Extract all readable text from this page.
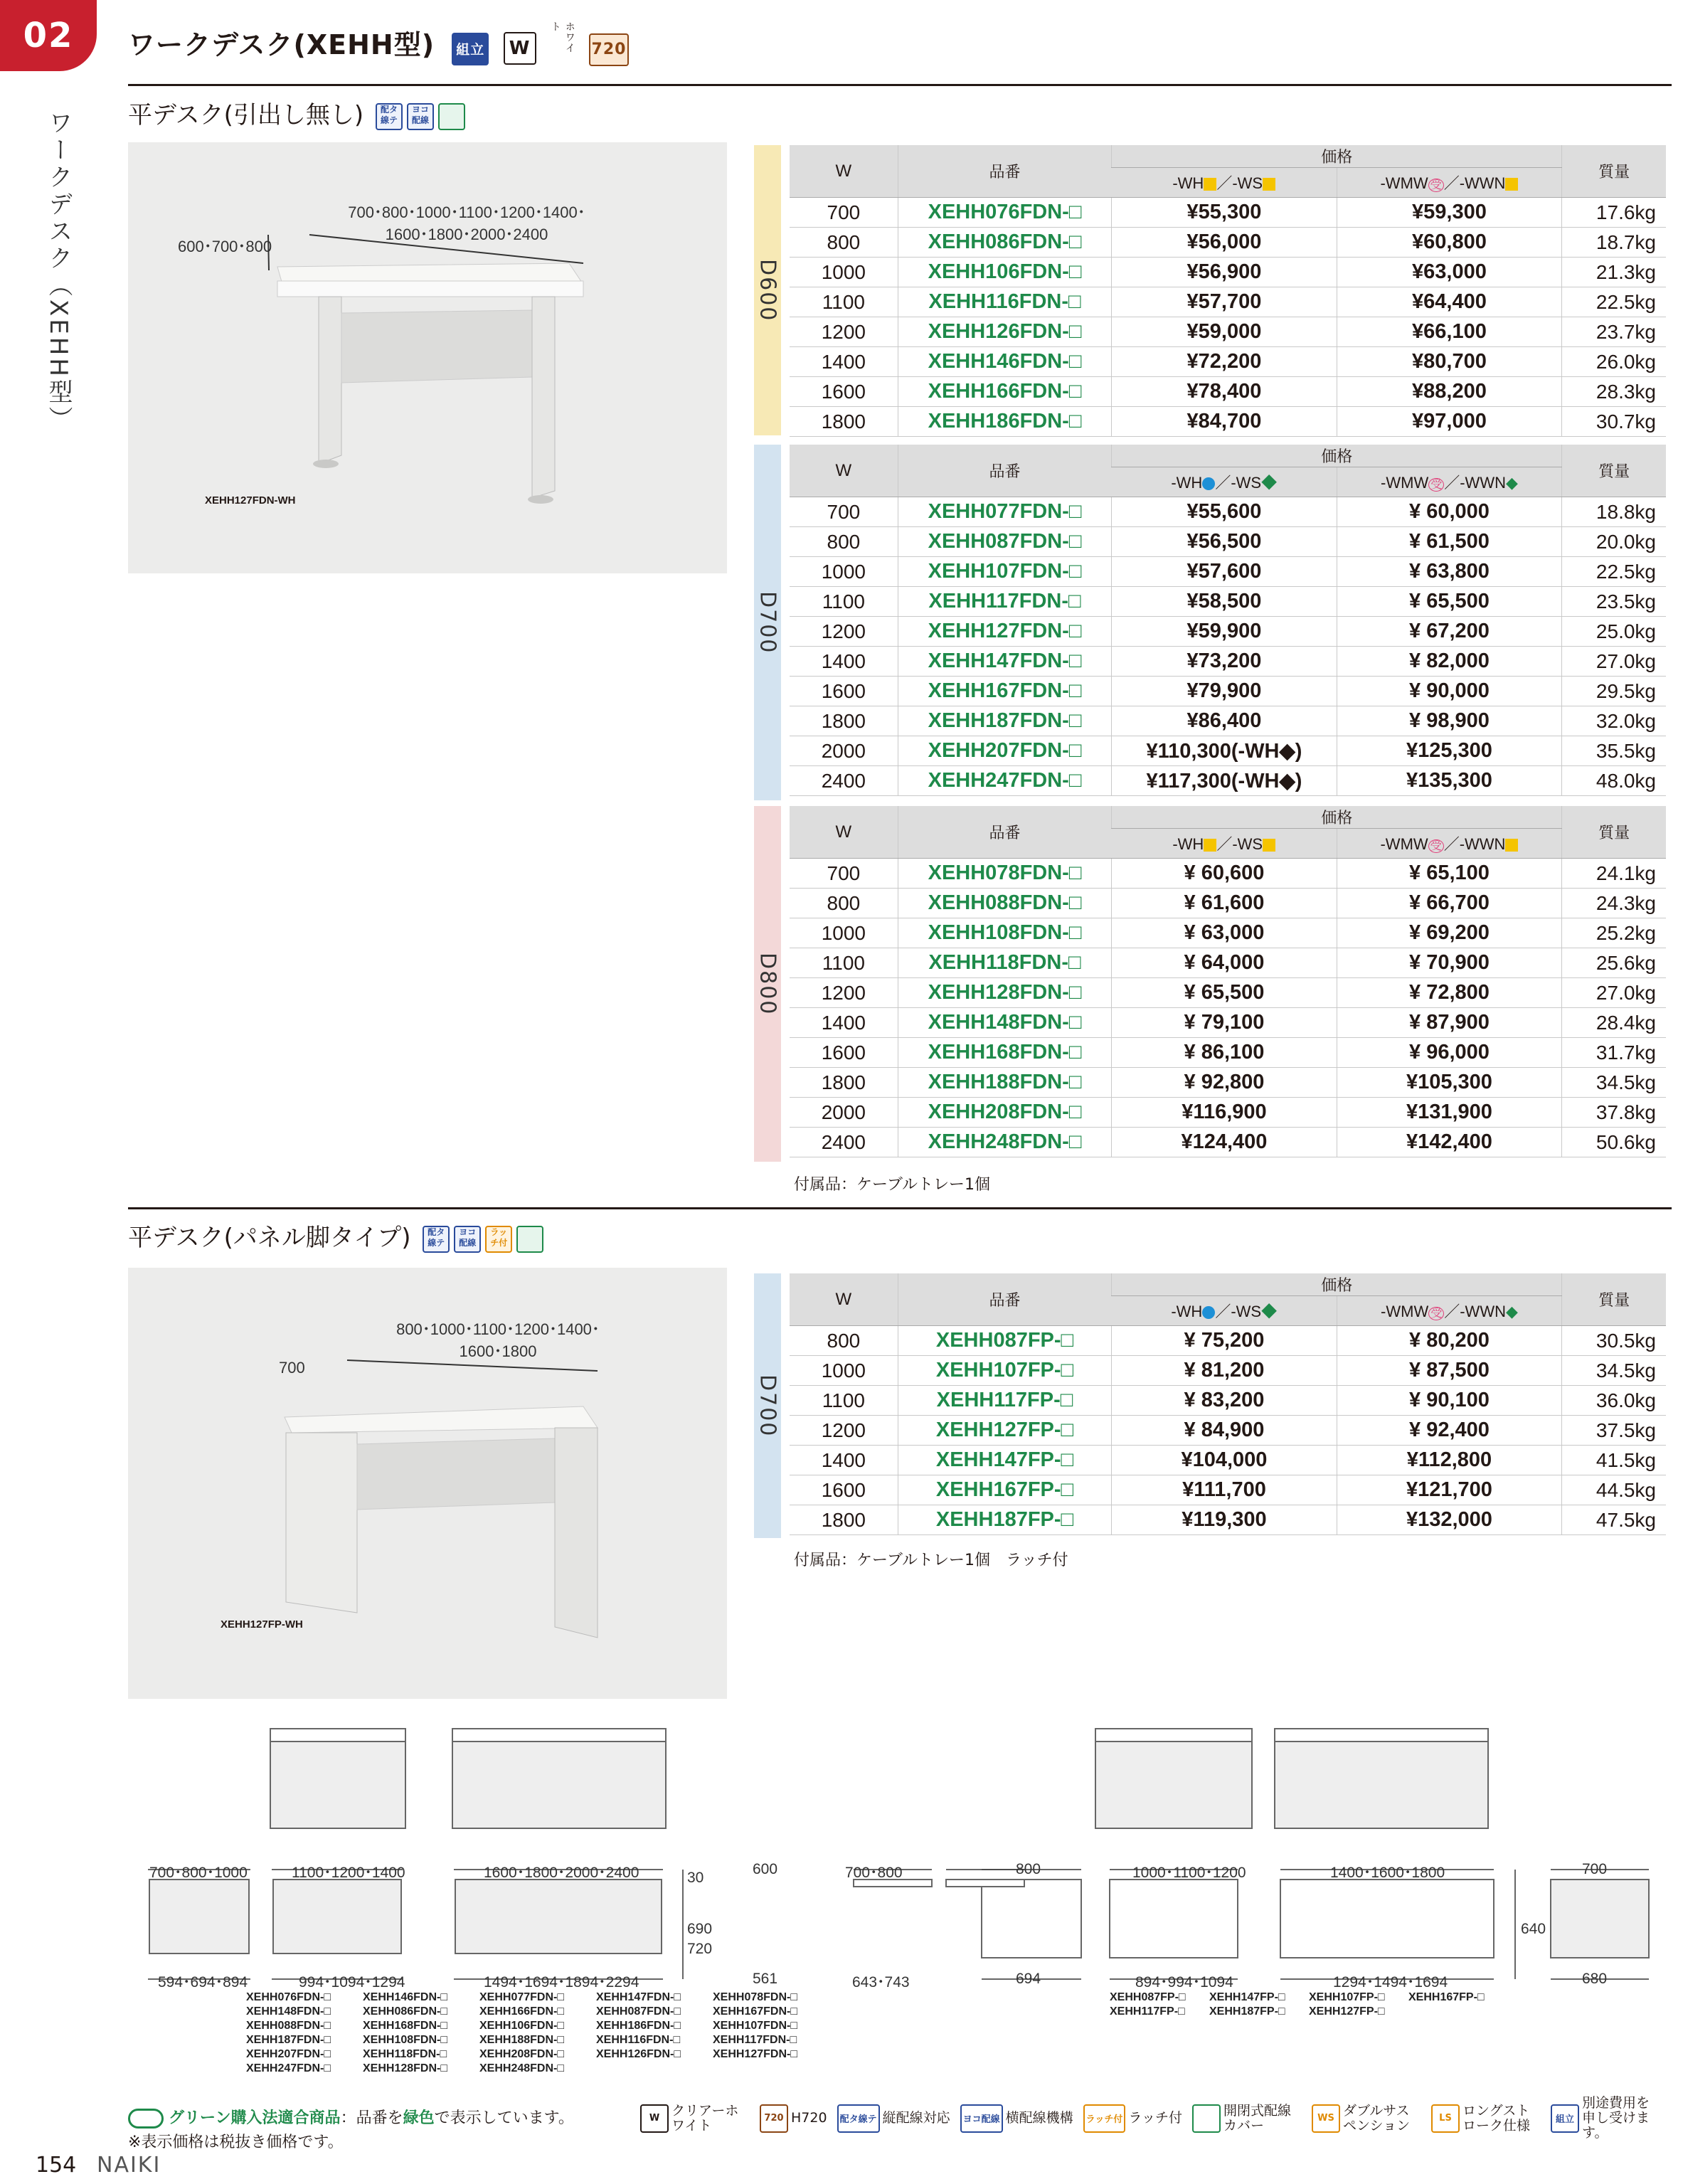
02
ワークデスク（XEHH型）
ワークデスク(XEHH型) 組立 W	ホワイト 720
平デスク(引出し無し) 配タ線テヨコ配線
700･800･1000･1100･1200･1400･1600･1800･2000･2400
600･700･800
XEHH127FDN-WH
D600
W	品番	価格		質量
		-WH ／-WS	-WMW 受 ／-WWN	
700	XEHH076FDN-□	¥55,300	¥59,300	17.6kg
800	XEHH086FDN-□	¥56,000	¥60,800	18.7kg
1000	XEHH106FDN-□	¥56,900	¥63,000	21.3kg
1100	XEHH116FDN-□	¥57,700	¥64,400	22.5kg
1200	XEHH126FDN-□	¥59,000	¥66,100	23.7kg
1400	XEHH146FDN-□	¥72,200	¥80,700	26.0kg
1600	XEHH166FDN-□	¥78,400	¥88,200	28.3kg
1800	XEHH186FDN-□	¥84,700	¥97,000	30.7kg
D700
W	品番	価格		質量
		-WH ／-WS◆	-WMW 受 ／-WWN◆	
700	XEHH077FDN-□	¥55,600	¥ 60,000	18.8kg
800	XEHH087FDN-□	¥56,500	¥ 61,500	20.0kg
1000	XEHH107FDN-□	¥57,600	¥ 63,800	22.5kg
1100	XEHH117FDN-□	¥58,500	¥ 65,500	23.5kg
1200	XEHH127FDN-□	¥59,900	¥ 67,200	25.0kg
1400	XEHH147FDN-□	¥73,200	¥ 82,000	27.0kg
1600	XEHH167FDN-□	¥79,900	¥ 90,000	29.5kg
1800	XEHH187FDN-□	¥86,400	¥ 98,900	32.0kg
2000	XEHH207FDN-□	¥110,300(-WH◆)	¥125,300	35.5kg
2400	XEHH247FDN-□	¥117,300(-WH◆)	¥135,300	48.0kg
D800
W	品番	価格		質量
		-WH ／-WS	-WMW 受 ／-WWN	
700	XEHH078FDN-□	¥ 60,600	¥ 65,100	24.1kg
800	XEHH088FDN-□	¥ 61,600	¥ 66,700	24.3kg
1000	XEHH108FDN-□	¥ 63,000	¥ 69,200	25.2kg
1100	XEHH118FDN-□	¥ 64,000	¥ 70,900	25.6kg
1200	XEHH128FDN-□	¥ 65,500	¥ 72,800	27.0kg
1400	XEHH148FDN-□	¥ 79,100	¥ 87,900	28.4kg
1600	XEHH168FDN-□	¥ 86,100	¥ 96,000	31.7kg
1800	XEHH188FDN-□	¥ 92,800	¥105,300	34.5kg
2000	XEHH208FDN-□	¥116,900	¥131,900	37.8kg
2400	XEHH248FDN-□	¥124,400	¥142,400	50.6kg
付属品：ケーブルトレー1個
平デスク(パネル脚タイプ) 配タ線テヨコ配線ラッチ付
800･1000･1100･1200･1400･1600･1800
700
XEHH127FP-WH
D700
W	品番	価格		質量
		-WH ／-WS◆	-WMW 受 ／-WWN◆	
800	XEHH087FP-□	¥ 75,200	¥ 80,200	30.5kg
1000	XEHH107FP-□	¥ 81,200	¥ 87,500	34.5kg
1100	XEHH117FP-□	¥ 83,200	¥ 90,100	36.0kg
1200	XEHH127FP-□	¥ 84,900	¥ 92,400	37.5kg
1400	XEHH147FP-□	¥104,000	¥112,800	41.5kg
1600	XEHH167FP-□	¥111,700	¥121,700	44.5kg
1800	XEHH187FP-□	¥119,300	¥132,000	47.5kg
付属品：ケーブルトレー1個　ラッチ付
700･800･1000	1100･1200･1400	1600･1800･2000･2400	600	700･800
594･694･894	994･1094･1294	1494･1694･1894･2294	561	643･743
30
690
720
800	1000･1100･1200	1400･1600･1800	700
694	894･994･1094	1294･1494･1694	680
640
XEHH076FDN-□	XEHH146FDN-□	XEHH077FDN-□	XEHH147FDN-□	XEHH078FDN-□
XEHH148FDN-□	XEHH086FDN-□	XEHH166FDN-□	XEHH087FDN-□	XEHH167FDN-□
XEHH088FDN-□	XEHH168FDN-□	XEHH106FDN-□	XEHH186FDN-□	XEHH107FDN-□
XEHH187FDN-□	XEHH108FDN-□	XEHH188FDN-□	XEHH116FDN-□	XEHH117FDN-□
XEHH207FDN-□	XEHH118FDN-□	XEHH208FDN-□	XEHH126FDN-□	XEHH127FDN-□
XEHH247FDN-□	XEHH128FDN-□	XEHH248FDN-□
XEHH087FP-□	XEHH147FP-□	XEHH107FP-□	XEHH167FP-□
XEHH117FP-□	XEHH187FP-□	XEHH127FP-□
グリーン購入法適合商品：品番を緑色で表示しています。
※表示価格は税抜き価格です。
154 NAIKI
W クリアーホワイト	720 H720	配タ線テ 縦配線対応	ヨコ配線 横配線機構	ラッチ付 ラッチ付	開閉式配線カバー	WS ダブルサスペンション	LS ロングストローク仕様	組立
別途費用を申し受けます。
